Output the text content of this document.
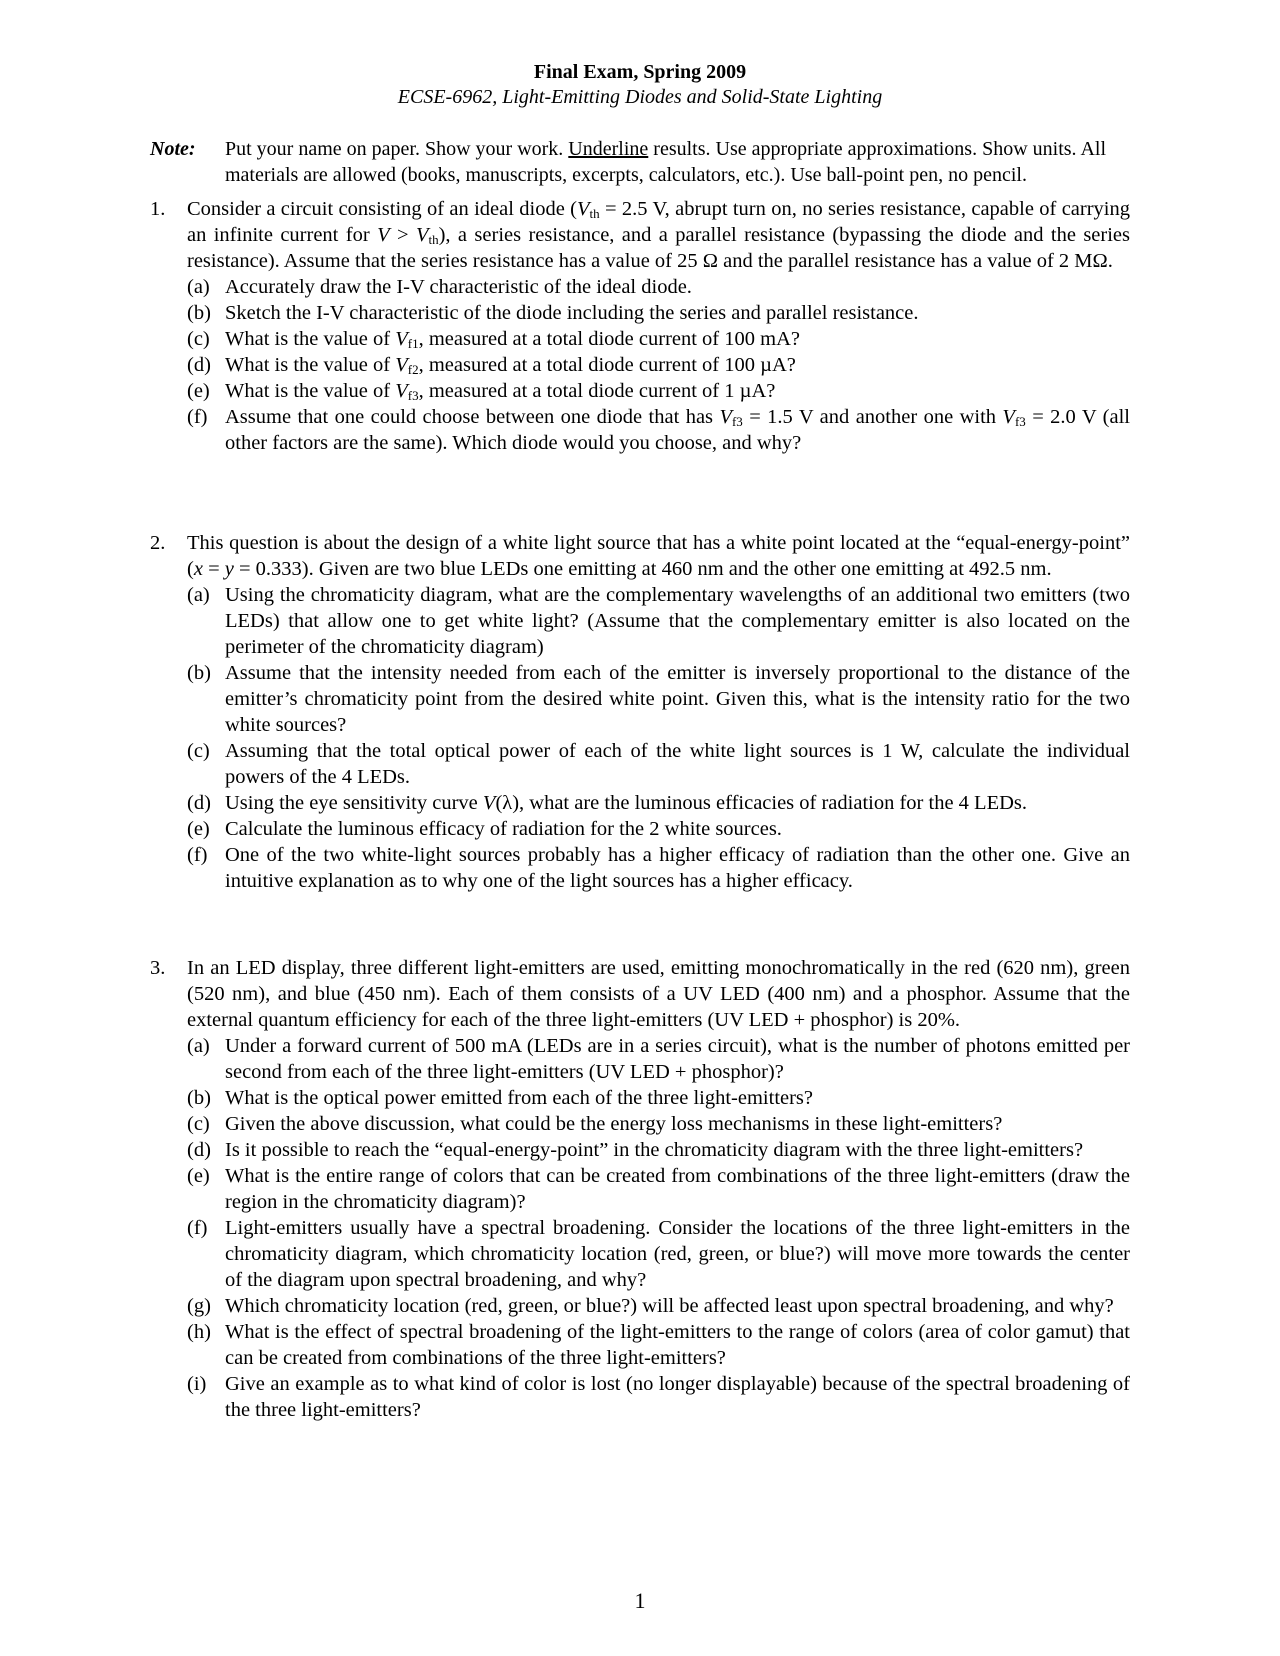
Final Exam, Spring 2009
ECSE-6962, Light-Emitting Diodes and Solid-State Lighting
Note: Put your name on paper. Show your work. Underline results. Use appropriate approximations. Show units. All materials are allowed (books, manuscripts, excerpts, calculators, etc.). Use ball-point pen, no pencil.
1. Consider a circuit consisting of an ideal diode ($V_{th} = 2.5$ V, abrupt turn on, no series resistance, capable of carrying an infinite current for $V > V_{th}$), a series resistance, and a parallel resistance (bypassing the diode and the series resistance). Assume that the series resistance has a value of 25 Ω and the parallel resistance has a value of 2 MΩ.
(a) Accurately draw the I-V characteristic of the ideal diode.
(b) Sketch the I-V characteristic of the diode including the series and parallel resistance.
(c) What is the value of $V_{f1}$, measured at a total diode current of 100 mA?
(d) What is the value of $V_{f2}$, measured at a total diode current of 100 µA?
(e) What is the value of $V_{f3}$, measured at a total diode current of 1 µA?
(f) Assume that one could choose between one diode that has $V_{f3} = 1.5$ V and another one with $V_{f3} = 2.0$ V (all other factors are the same). Which diode would you choose, and why?
2. This question is about the design of a white light source that has a white point located at the “equal-energy-point” (x = y = 0.333). Given are two blue LEDs one emitting at 460 nm and the other one emitting at 492.5 nm.
(a) Using the chromaticity diagram, what are the complementary wavelengths of an additional two emitters (two LEDs) that allow one to get white light? (Assume that the complementary emitter is also located on the perimeter of the chromaticity diagram)
(b) Assume that the intensity needed from each of the emitter is inversely proportional to the distance of the emitter’s chromaticity point from the desired white point. Given this, what is the intensity ratio for the two white sources?
(c) Assuming that the total optical power of each of the white light sources is 1 W, calculate the individual powers of the 4 LEDs.
(d) Using the eye sensitivity curve V(λ), what are the luminous efficacies of radiation for the 4 LEDs.
(e) Calculate the luminous efficacy of radiation for the 2 white sources.
(f) One of the two white-light sources probably has a higher efficacy of radiation than the other one. Give an intuitive explanation as to why one of the light sources has a higher efficacy.
3. In an LED display, three different light-emitters are used, emitting monochromatically in the red (620 nm), green (520 nm), and blue (450 nm). Each of them consists of a UV LED (400 nm) and a phosphor. Assume that the external quantum efficiency for each of the three light-emitters (UV LED + phosphor) is 20%.
(a) Under a forward current of 500 mA (LEDs are in a series circuit), what is the number of photons emitted per second from each of the three light-emitters (UV LED + phosphor)?
(b) What is the optical power emitted from each of the three light-emitters?
(c) Given the above discussion, what could be the energy loss mechanisms in these light-emitters?
(d) Is it possible to reach the “equal-energy-point” in the chromaticity diagram with the three light-emitters?
(e) What is the entire range of colors that can be created from combinations of the three light-emitters (draw the region in the chromaticity diagram)?
(f) Light-emitters usually have a spectral broadening. Consider the locations of the three light-emitters in the chromaticity diagram, which chromaticity location (red, green, or blue?) will move more towards the center of the diagram upon spectral broadening, and why?
(g) Which chromaticity location (red, green, or blue?) will be affected least upon spectral broadening, and why?
(h) What is the effect of spectral broadening of the light-emitters to the range of colors (area of color gamut) that can be created from combinations of the three light-emitters?
(i) Give an example as to what kind of color is lost (no longer displayable) because of the spectral broadening of the three light-emitters?
1
